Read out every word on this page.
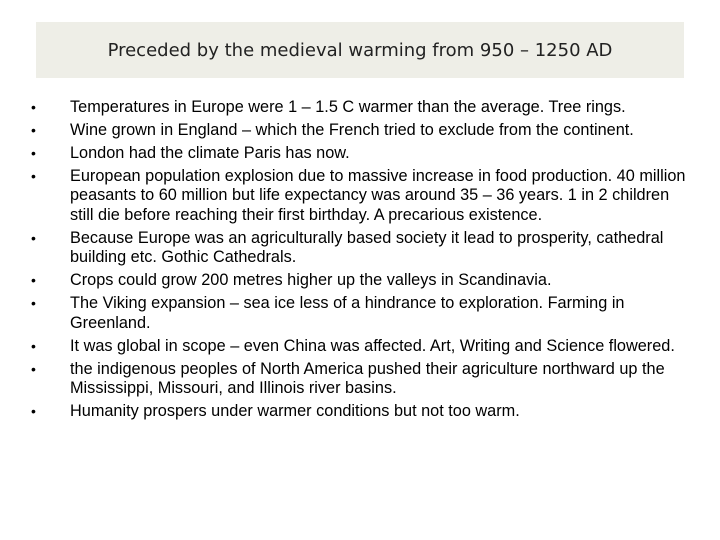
Preceded by the medieval warming from 950 – 1250 AD
• Temperatures in Europe were 1 – 1.5 C warmer than the average. Tree rings.
• Wine grown in England – which the French tried to exclude from the continent.
• London had the climate Paris has now.
• European population explosion due to massive increase in food production. 40 million peasants to 60 million but life expectancy was around 35 – 36 years. 1 in 2 children still die before reaching their first birthday. A precarious existence.
• Because Europe was an agriculturally based society it lead to prosperity, cathedral building etc. Gothic Cathedrals.
• Crops could grow 200 metres higher up the valleys in Scandinavia.
• The Viking expansion – sea ice less of a hindrance to exploration. Farming in Greenland.
• It was global in scope – even China was affected. Art, Writing and Science flowered.
• the indigenous peoples of North America pushed their agriculture northward up the Mississippi, Missouri, and Illinois river basins.
• Humanity prospers under warmer conditions but not too warm.
